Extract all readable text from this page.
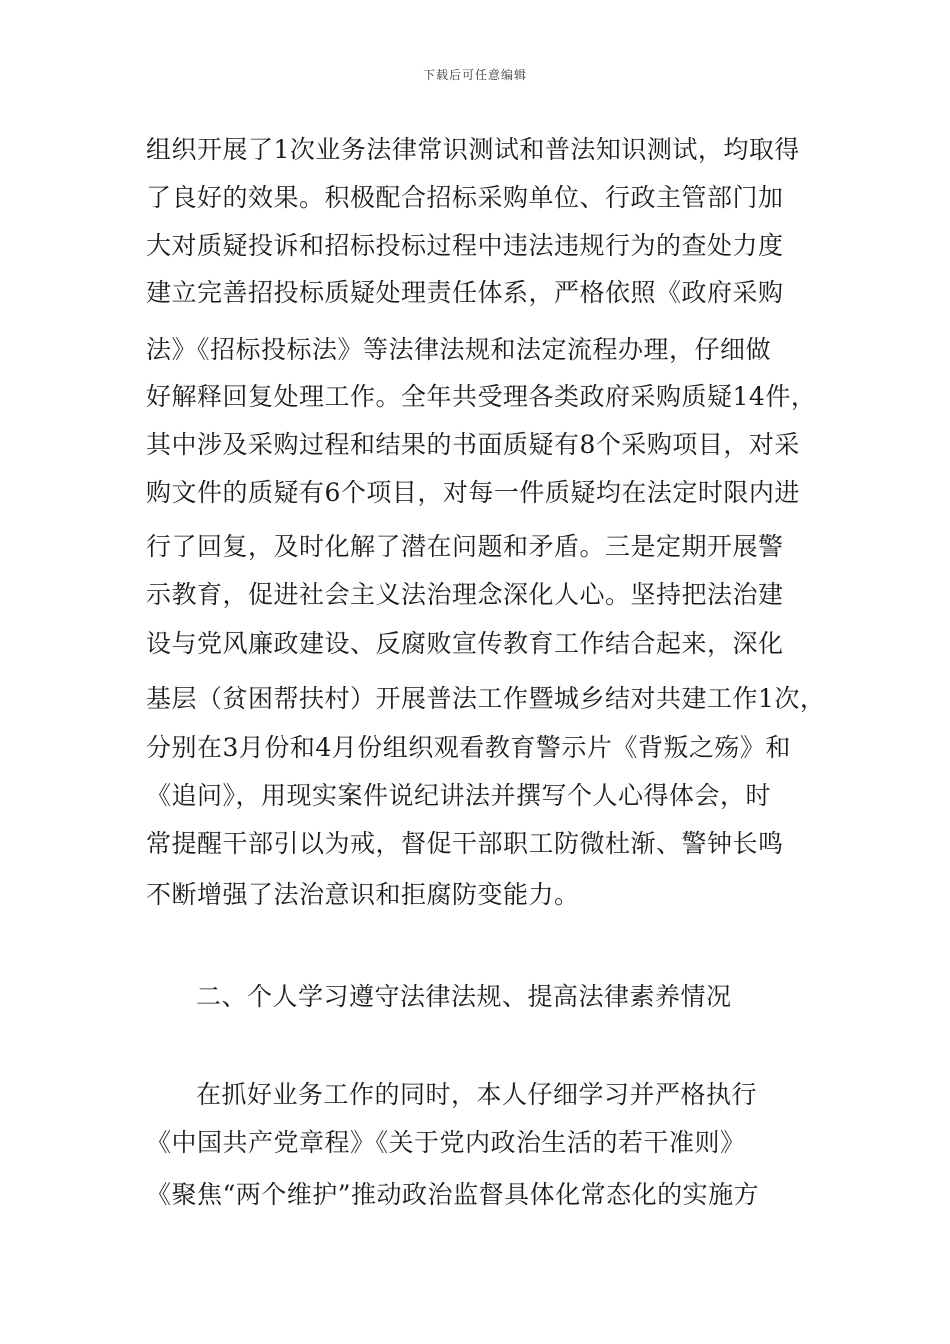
下载后可任意编辑
组织开展了1次业务法律常识测试和普法知识测试，均取得
了良好的效果。积极配合招标采购单位、行政主管部门加
大对质疑投诉和招标投标过程中违法违规行为的查处力度
建立完善招投标质疑处理责任体系，严格依照《政府采购
法》《招标投标法》等法律法规和法定流程办理，仔细做
好解释回复处理工作。全年共受理各类政府采购质疑14件，
其中涉及采购过程和结果的书面质疑有8个采购项目，对采
购文件的质疑有6个项目，对每一件质疑均在法定时限内进
行了回复，及时化解了潜在问题和矛盾。三是定期开展警
示教育，促进社会主义法治理念深化人心。坚持把法治建
设与党风廉政建设、反腐败宣传教育工作结合起来，深化
基层（贫困帮扶村）开展普法工作暨城乡结对共建工作1次，
分别在3月份和4月份组织观看教育警示片《背叛之殇》和
《追问》，用现实案件说纪讲法并撰写个人心得体会，时
常提醒干部引以为戒，督促干部职工防微杜渐、警钟长鸣
不断增强了法治意识和拒腐防变能力。
二、个人学习遵守法律法规、提高法律素养情况
在抓好业务工作的同时，本人仔细学习并严格执行
《中国共产党章程》《关于党内政治生活的若干准则》
《聚焦“两个维护”推动政治监督具体化常态化的实施方
